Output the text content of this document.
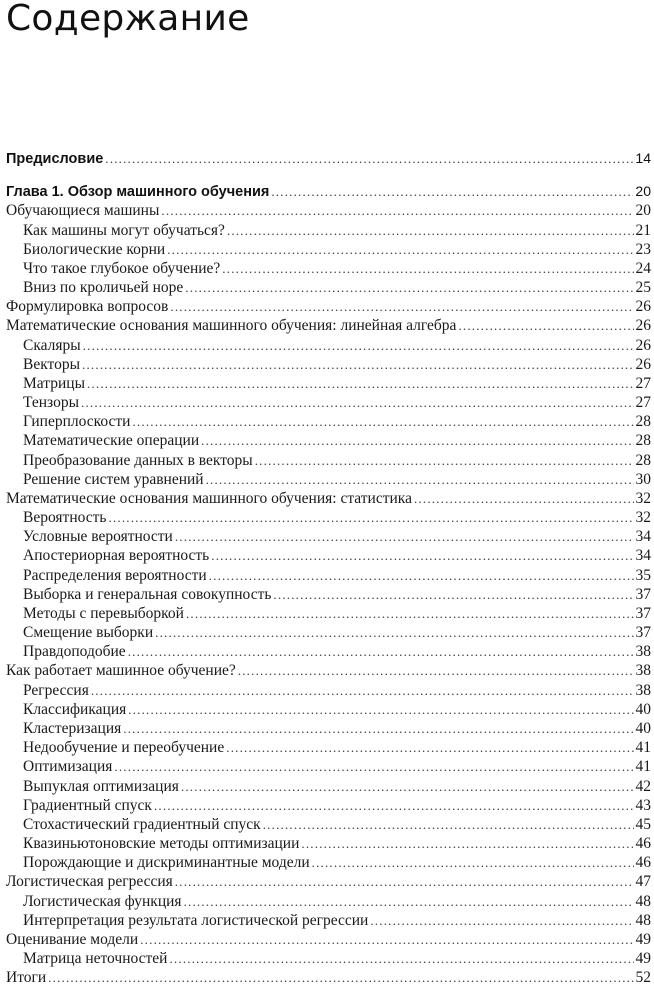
Содержание
Предисловие .....	14
Глава 1. Обзор машинного обучения .....	20
Обучающиеся машины .....	20
Как машины могут обучаться? .....	21
Биологические корни .....	23
Что такое глубокое обучение? .....	24
Вниз по кроличьей норе .....	25
Формулировка вопросов .....	26
Математические основания машинного обучения: линейная алгебра .....	26
Скаляры .....	26
Векторы .....	26
Матрицы .....	27
Тензоры .....	27
Гиперплоскости .....	28
Математические операции .....	28
Преобразование данных в векторы .....	28
Решение систем уравнений .....	30
Математические основания машинного обучения: статистика .....	32
Вероятность .....	32
Условные вероятности .....	34
Апостериорная вероятность .....	34
Распределения вероятности .....	35
Выборка и генеральная совокупность .....	37
Методы с перевыборкой .....	37
Смещение выборки .....	37
Правдоподобие .....	38
Как работает машинное обучение? .....	38
Регрессия .....	38
Классификация .....	40
Кластеризация .....	40
Недообучение и переобучение .....	41
Оптимизация .....	41
Выпуклая оптимизация .....	42
Градиентный спуск .....	43
Стохастический градиентный спуск .....	45
Квазиньютоновские методы оптимизации .....	46
Порождающие и дискриминантные модели .....	46
Логистическая регрессия .....	47
Логистическая функция .....	48
Интерпретация результата логистической регрессии .....	48
Оценивание модели .....	49
Матрица неточностей .....	49
Итоги .....	52
